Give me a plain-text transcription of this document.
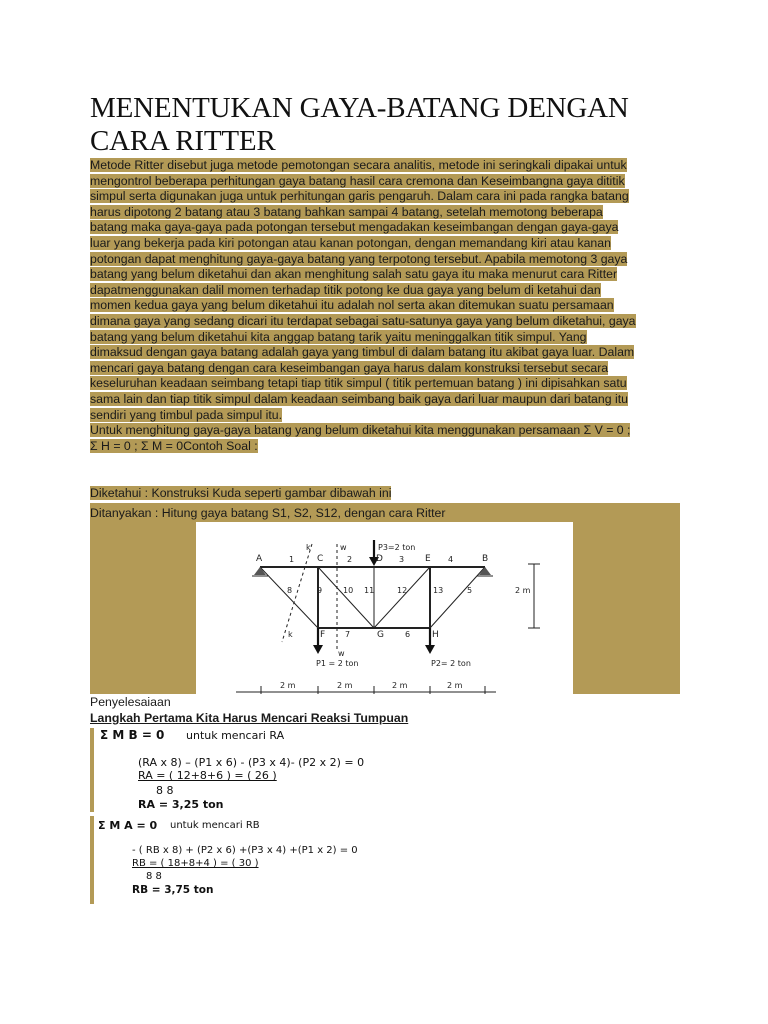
MENENTUKAN GAYA-BATANG DENGAN CARA RITTER
Metode Ritter disebut juga metode pemotongan secara analitis, metode ini seringkali dipakai untuk
mengontrol beberapa perhitungan gaya batang hasil cara cremona dan Keseimbangna gaya dititik
simpul serta digunakan juga untuk perhitungan garis pengaruh. Dalam cara ini pada rangka batang
harus dipotong 2 batang atau 3 batang bahkan sampai 4 batang, setelah memotong beberapa
batang maka gaya-gaya pada potongan tersebut mengadakan keseimbangan dengan gaya-gaya
luar yang bekerja pada kiri potongan atau kanan potongan, dengan memandang kiri atau kanan
potongan dapat menghitung gaya-gaya batang yang terpotong tersebut. Apabila memotong 3 gaya
batang yang belum diketahui dan akan menghitung salah satu gaya itu maka menurut cara Ritter
dapatmenggunakan dalil momen terhadap titik potong ke dua gaya yang belum di ketahui dan
momen kedua gaya yang belum diketahui itu adalah nol serta akan ditemukan suatu persamaan
dimana gaya yang sedang dicari itu terdapat sebagai satu-satunya gaya yang belum diketahui, gaya
batang yang belum diketahui kita anggap batang tarik yaitu meninggalkan titik simpul. Yang
dimaksud dengan gaya batang adalah gaya yang timbul di dalam batang itu akibat gaya luar. Dalam
mencari gaya batang dengan cara keseimbangan gaya harus dalam konstruksi tersebut secara
keseluruhan keadaan seimbang tetapi tiap titik simpul ( titik pertemuan batang ) ini dipisahkan satu
sama lain dan tiap titik simpul dalam keadaan seimbang baik gaya dari luar maupun dari batang itu
sendiri yang timbul pada simpul itu.
Untuk menghitung gaya-gaya batang yang belum diketahui kita menggunakan persamaan Σ V = 0 ;
Σ H = 0 ; Σ M = 0Contoh Soal :

Diketahui : Konstruksi Kuda seperti gambar dibawah ini
Ditanyakan : Hitung gaya batang S1, S2, S12, dengan cara Ritter
A	C	D	E	B
F	G	H
1	2	3	4
5
6
7
8	9	10 11	12	13
k
k
w
w
P3=2 ton
P1 = 2 ton	P2= 2 ton
2 m
2 m	2 m	2 m	2 m
Penyelesaiaan
Langkah Pertama Kita Harus Mencari Reaksi Tumpuan
Σ M B = 0 untuk mencari RA
(RA x 8) – (P1 x 6) - (P3 x 4)- (P2 x 2) = 0
RA = ( 12+8+6 ) = ( 26 )
8 8
RA = 3,25 ton
Σ M A = 0 untuk mencari RB
- ( RB x 8) + (P2 x 6) +(P3 x 4) +(P1 x 2) = 0
RB = ( 18+8+4 ) = ( 30 )
8 8
RB = 3,75 ton
